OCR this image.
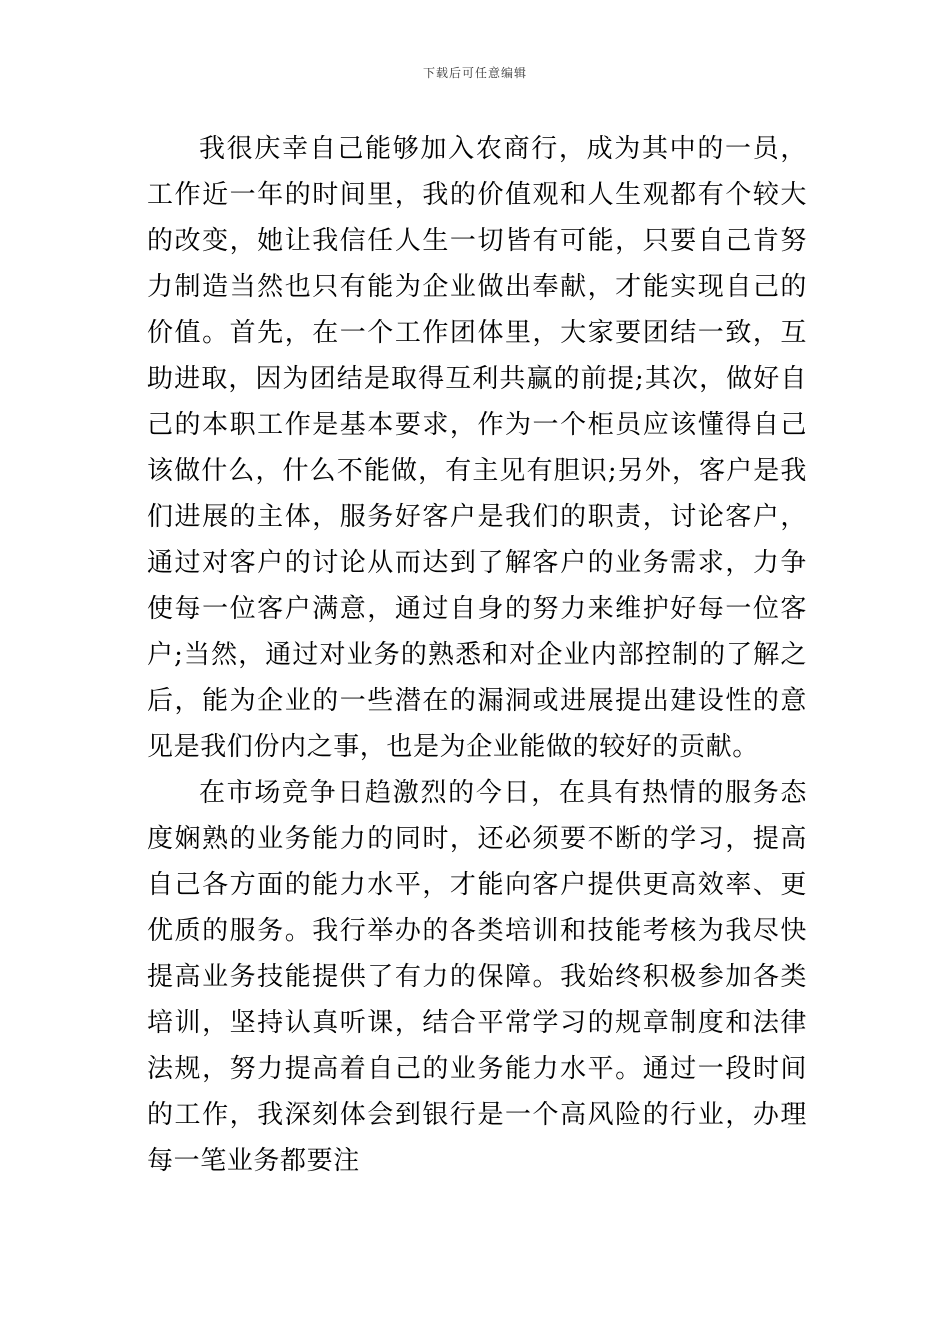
下载后可任意编辑

我很庆幸自己能够加入农商行，成为其中的一员，工作近一年的时间里，我的价值观和人生观都有个较大的改变，她让我信任人生一切皆有可能，只要自己肯努力制造当然也只有能为企业做出奉献，才能实现自己的价值。首先，在一个工作团体里，大家要团结一致，互助进取，因为团结是取得互利共赢的前提;其次，做好自己的本职工作是基本要求，作为一个柜员应该懂得自己该做什么，什么不能做，有主见有胆识;另外，客户是我们进展的主体，服务好客户是我们的职责，讨论客户，通过对客户的讨论从而达到了解客户的业务需求，力争使每一位客户满意，通过自身的努力来维护好每一位客户;当然，通过对业务的熟悉和对企业内部控制的了解之后，能为企业的一些潜在的漏洞或进展提出建设性的意见是我们份内之事，也是为企业能做的较好的贡献。

在市场竞争日趋激烈的今日，在具有热情的服务态度娴熟的业务能力的同时，还必须要不断的学习，提高自己各方面的能力水平，才能向客户提供更高效率、更优质的服务。我行举办的各类培训和技能考核为我尽快提高业务技能提供了有力的保障。我始终积极参加各类培训，坚持认真听课，结合平常学习的规章制度和法律法规，努力提高着自己的业务能力水平。通过一段时间的工作，我深刻体会到银行是一个高风险的行业，办理每一笔业务都要注
